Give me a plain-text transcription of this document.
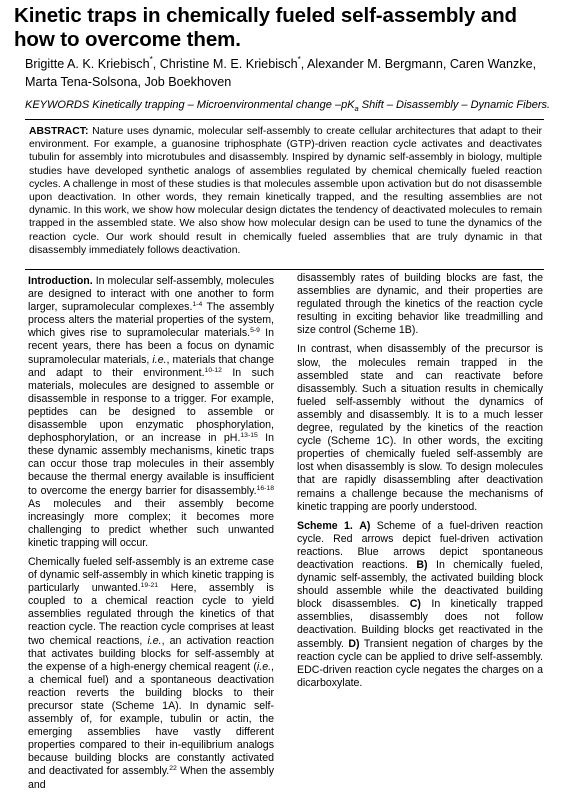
Kinetic traps in chemically fueled self-assembly and how to overcome them.
Brigitte A. K. Kriebisch*, Christine M. E. Kriebisch*, Alexander M. Bergmann, Caren Wanzke,
Marta Tena-Solsona, Job Boekhoven
KEYWORDS Kinetically trapping – Microenvironmental change $-pK_a$ Shift – Disassembly – Dynamic Fibers.

ABSTRACT: Nature uses dynamic, molecular self-assembly to create cellular architectures that adapt to their environment. For example, a guanosine triphosphate (GTP)-driven reaction cycle activates and deactivates tubulin for assembly into microtubules and disassembly. Inspired by dynamic self-assembly in biology, multiple studies have developed synthetic analogs of assemblies regulated by chemical chemically fueled reaction cycles. A challenge in most of these studies is that molecules assemble upon activation but do not disassemble upon deactivation. In other words, they remain kinetically trapped, and the resulting assemblies are not dynamic. In this work, we show how molecular design dictates the tendency of deactivated molecules to remain trapped in the assembled state. We also show how molecular design can be used to tune the dynamics of the reaction cycle. Our work should result in chemically fueled assemblies that are truly dynamic in that disassembly immediately follows deactivation.

Introduction. In molecular self-assembly, molecules are designed to interact with one another to form larger, supramolecular complexes.$^{1-4}$ The assembly process alters the material properties of the system, which gives rise to supramolecular materials.$^{5-9}$ In recent years, there has been a focus on dynamic supramolecular materials, i.e., materials that change and adapt to their environment.$^{10-12}$ In such materials, molecules are designed to assemble or disassemble in response to a trigger. For example, peptides can be designed to assemble or disassemble upon enzymatic phosphorylation, dephosphorylation, or an increase in pH.$^{13-15}$ In these dynamic assembly mechanisms, kinetic traps can occur those trap molecules in their assembly because the thermal energy available is insufficient to overcome the energy barrier for disassembly.$^{16-18}$ As molecules and their assembly become increasingly more complex; it becomes more challenging to predict whether such unwanted kinetic trapping will occur.

Chemically fueled self-assembly is an extreme case of dynamic self-assembly in which kinetic trapping is particularly unwanted.$^{19-21}$ Here, assembly is coupled to a chemical reaction cycle to yield assemblies regulated through the kinetics of that reaction cycle. The reaction cycle comprises at least two chemical reactions, i.e., an activation reaction that activates building blocks for self-assembly at the expense of a high-energy chemical reagent (i.e., a chemical fuel) and a spontaneous deactivation reaction reverts the building blocks to their precursor state (Scheme 1A). In dynamic self-assembly of, for example, tubulin or actin, the emerging assemblies have vastly different properties compared to their in-equilibrium analogs because building blocks are constantly activated and deactivated for assembly.$^{22}$ When the assembly and

disassembly rates of building blocks are fast, the assemblies are dynamic, and their properties are regulated through the kinetics of the reaction cycle resulting in exciting behavior like treadmilling and size control (Scheme 1B).

In contrast, when disassembly of the precursor is slow, the molecules remain trapped in the assembled state and can reactivate before disassembly. Such a situation results in chemically fueled self-assembly without the dynamics of assembly and disassembly. It is to a much lesser degree, regulated by the kinetics of the reaction cycle (Scheme 1C). In other words, the exciting properties of chemically fueled self-assembly are lost when disassembly is slow. To design molecules that are rapidly disassembling after deactivation remains a challenge because the mechanisms of kinetic trapping are poorly understood.

Scheme 1. A) Scheme of a fuel-driven reaction cycle. Red arrows depict fuel-driven activation reactions. Blue arrows depict spontaneous deactivation reactions. B) In chemically fueled, dynamic self-assembly, the activated building block should assemble while the deactivated building block disassembles. C) In kinetically trapped assemblies, disassembly does not follow deactivation. Building blocks get reactivated in the assembly. D) Transient negation of charges by the reaction cycle can be applied to drive self-assembly. EDC-driven reaction cycle negates the charges on a dicarboxylate.
